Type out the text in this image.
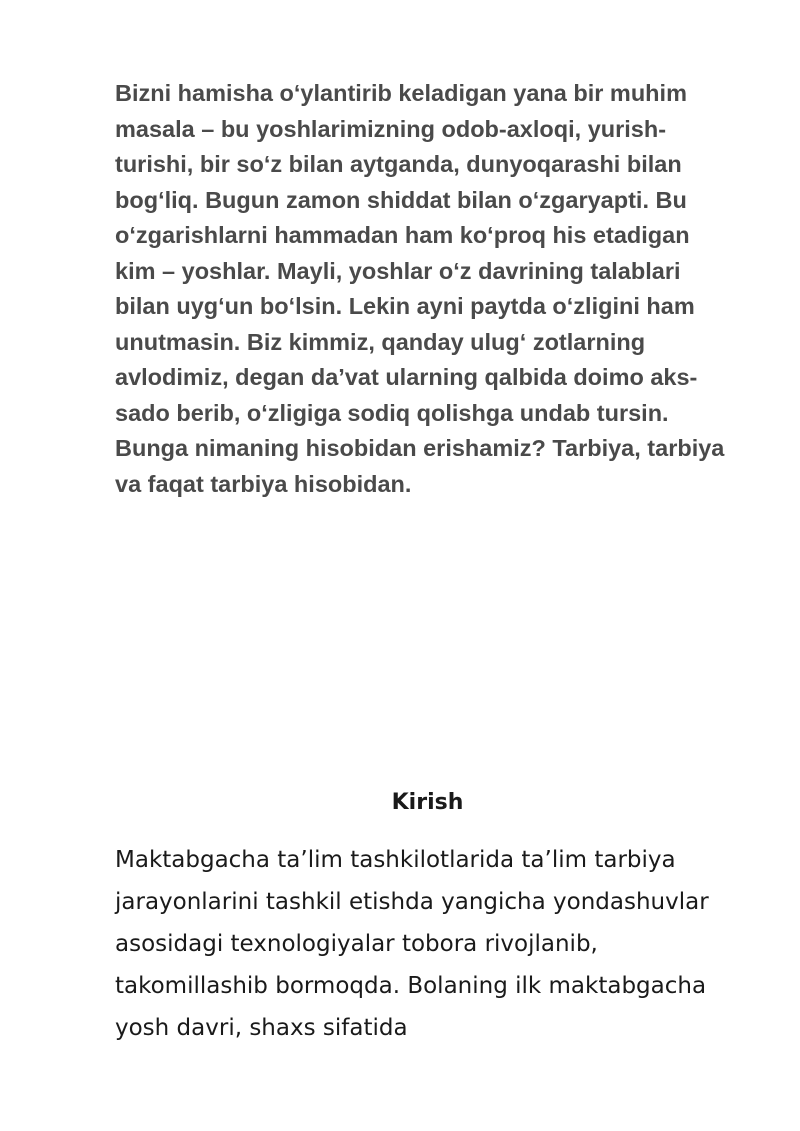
Bizni hamisha oʻylantirib keladigan yana bir muhim masala – bu yoshlarimizning odob-axloqi, yurish-turishi, bir soʻz bilan aytganda, dunyoqarashi bilan bogʻliq. Bugun zamon shiddat bilan oʻzgaryapti. Bu oʻzgarishlarni hammadan ham koʻproq his etadigan kim – yoshlar. Mayli, yoshlar oʻz davrining talablari bilan uygʻun boʻlsin. Lekin ayni paytda oʻzligini ham unutmasin. Biz kimmiz, qanday ulugʻ zotlarning avlodimiz, degan da’vat ularning qalbida doimo aks-sado berib, oʻzligiga sodiq qolishga undab tursin. Bunga nimaning hisobidan erishamiz? Tarbiya, tarbiya va faqat tarbiya hisobidan.

Kirish

Maktabgacha ta’lim tashkilotlarida ta’lim tarbiya jarayonlarini tashkil etishda yangicha yondashuvlar asosidagi texnologiyalar tobora rivojlanib, takomillashib bormoqda. Bolaning ilk maktabgacha yosh davri, shaxs sifatida
